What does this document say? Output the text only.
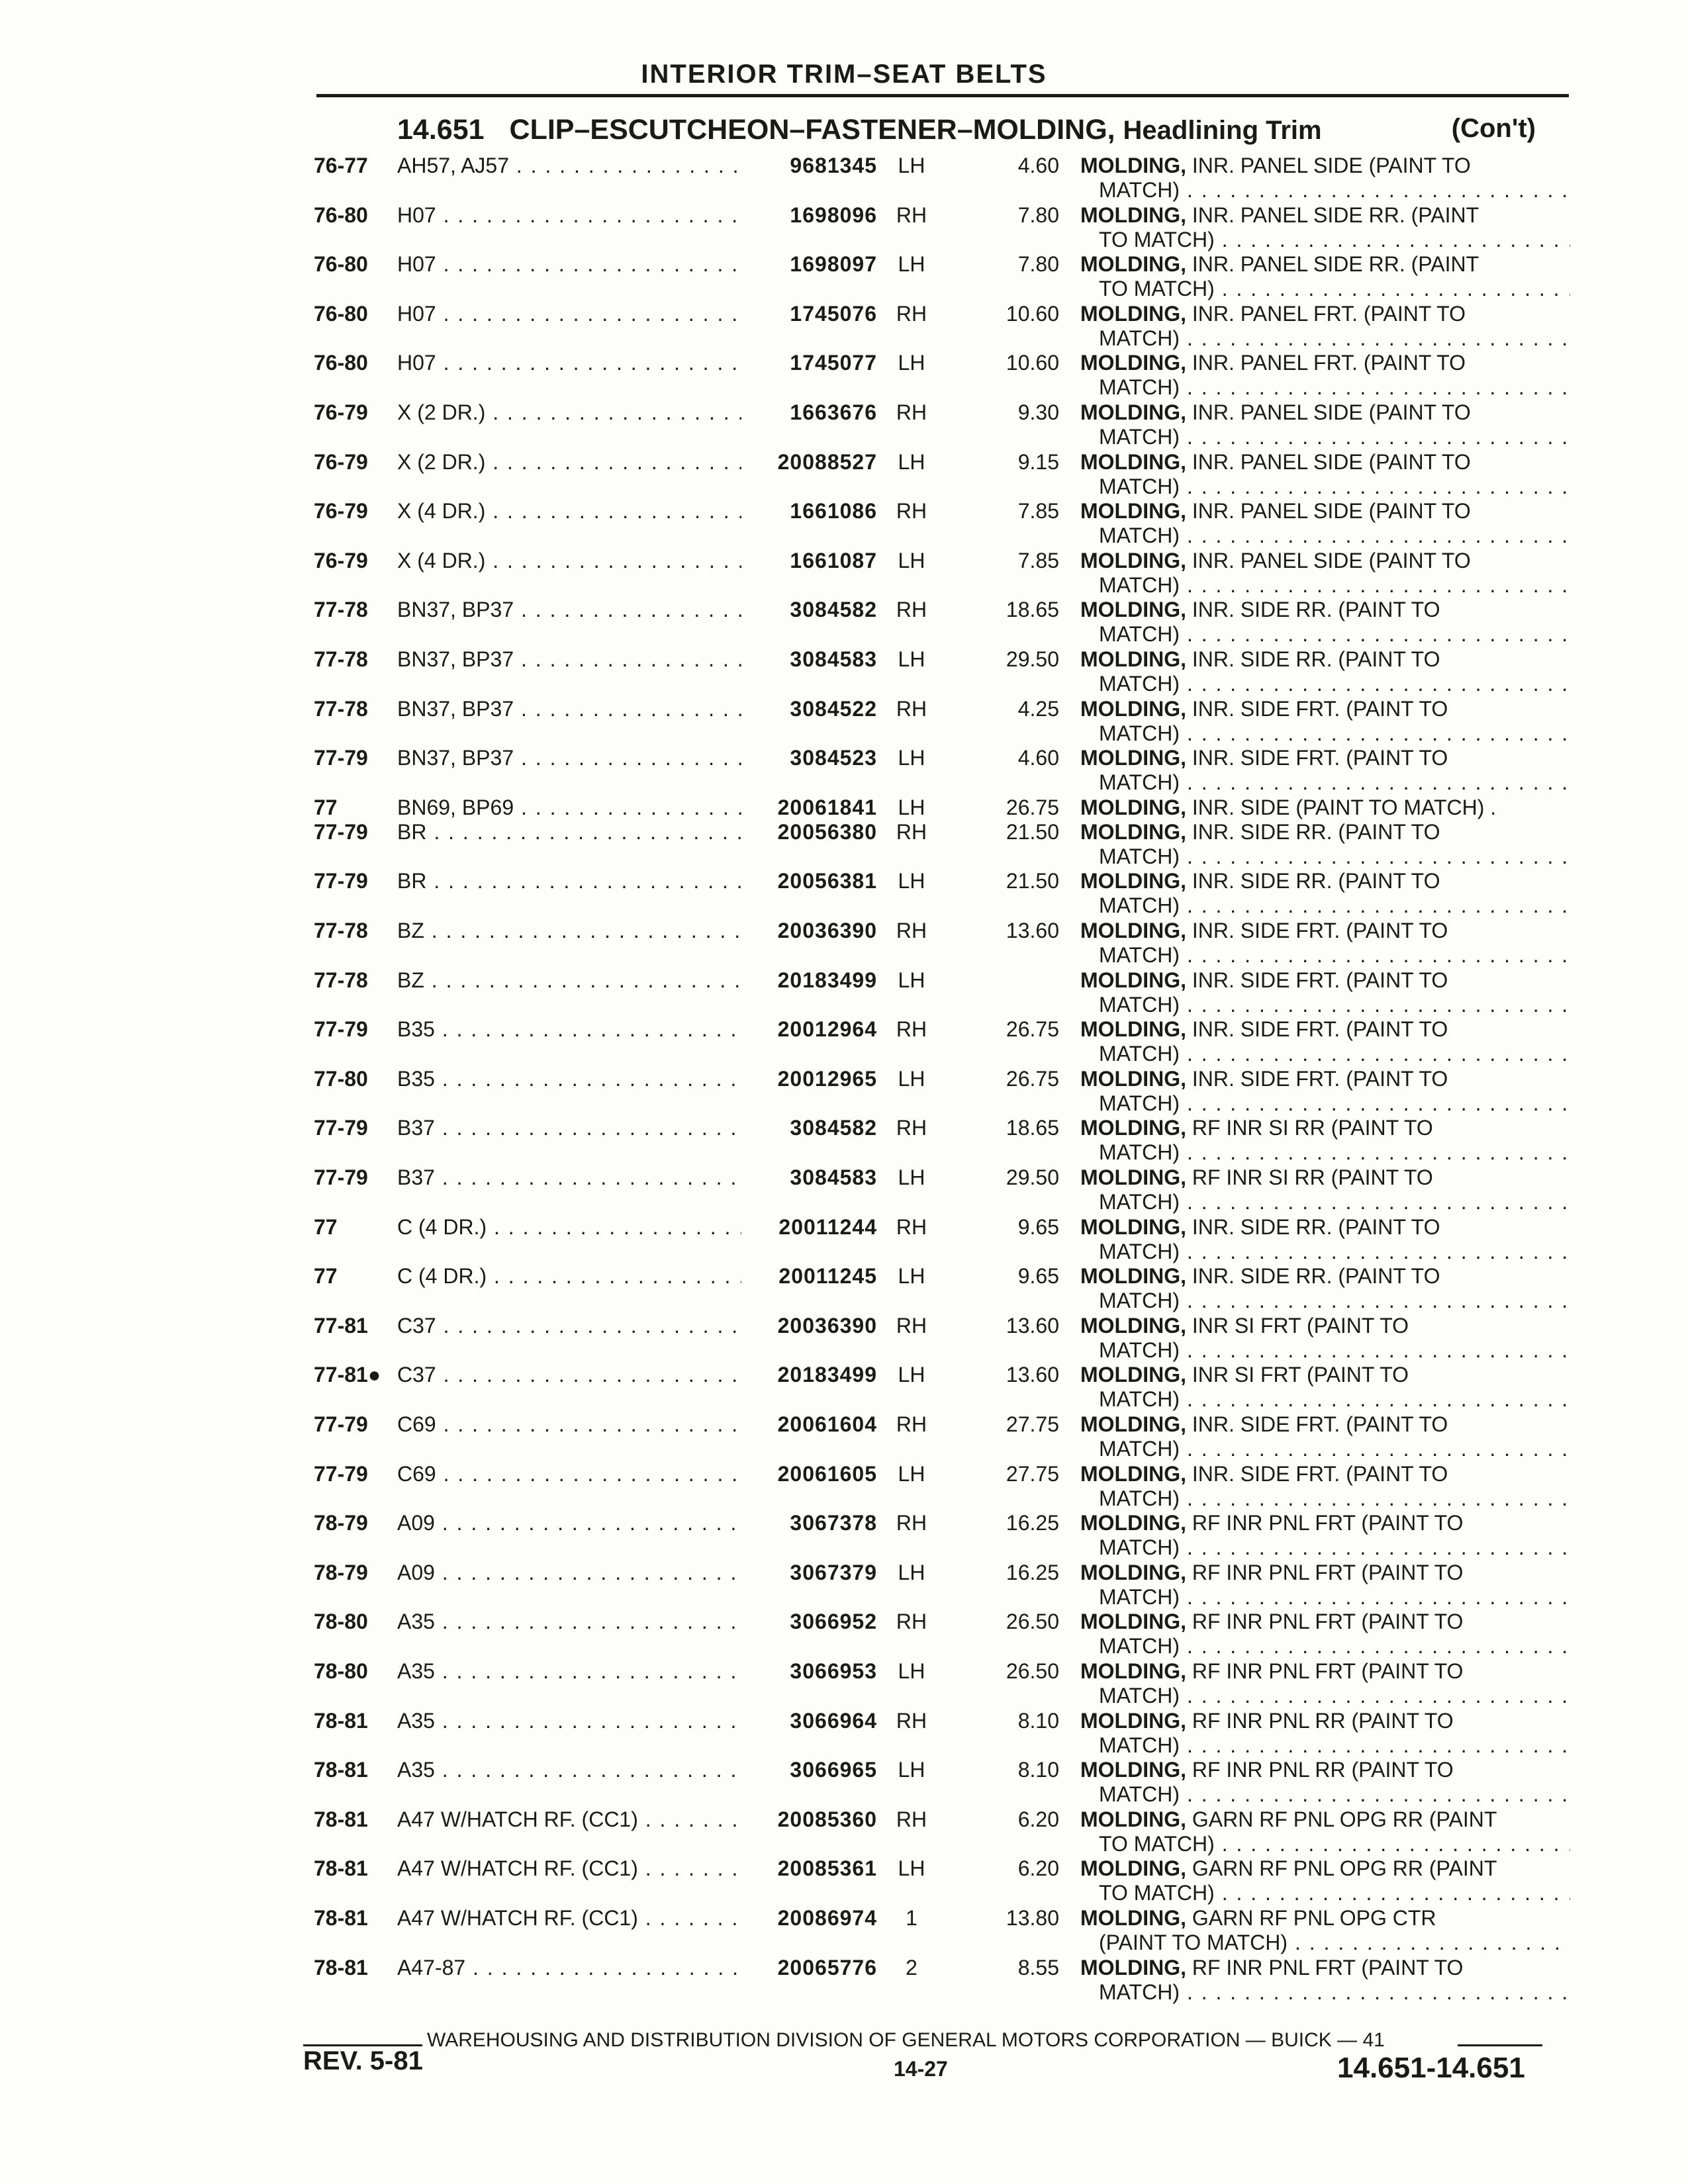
INTERIOR TRIM–SEAT BELTS
14.651 CLIP–ESCUTCHEON–FASTENER–MOLDING, Headlining Trim	(Con't)
76-77	AH57, AJ57 . . .	9681345 LH	4.60 MOLDING, INR. PANEL SIDE (PAINT TO
MATCH) . . .
76-80	H07 . . .	1698096 RH	7.80 MOLDING, INR. PANEL SIDE RR. (PAINT
TO MATCH) . . .
76-80	H07 . . .	1698097 LH	7.80 MOLDING, INR. PANEL SIDE RR. (PAINT
TO MATCH) . . .
76-80	H07 . . .	1745076 RH	10.60 MOLDING, INR. PANEL FRT. (PAINT TO
MATCH) . . .
76-80	H07 . . .	1745077 LH	10.60 MOLDING, INR. PANEL FRT. (PAINT TO
MATCH) . . .
76-79	X (2 DR.) . . .	1663676 RH	9.30 MOLDING, INR. PANEL SIDE (PAINT TO
MATCH) . . .
76-79	X (2 DR.) . . .	20088527 LH	9.15 MOLDING, INR. PANEL SIDE (PAINT TO
MATCH) . . .
76-79	X (4 DR.) . . .	1661086 RH	7.85 MOLDING, INR. PANEL SIDE (PAINT TO
MATCH) . . .
76-79	X (4 DR.) . . .	1661087 LH	7.85 MOLDING, INR. PANEL SIDE (PAINT TO
MATCH) . . .
77-78	BN37, BP37 . . .	3084582 RH	18.65 MOLDING, INR. SIDE RR. (PAINT TO
MATCH) . . .
77-78	BN37, BP37 . . .	3084583 LH	29.50 MOLDING, INR. SIDE RR. (PAINT TO
MATCH) . . .
77-78	BN37, BP37 . . .	3084522 RH	4.25 MOLDING, INR. SIDE FRT. (PAINT TO
MATCH) . . .
77-79	BN37, BP37 . . .	3084523 LH	4.60 MOLDING, INR. SIDE FRT. (PAINT TO
MATCH) . . .
77	BN69, BP69 . . .	20061841 LH	26.75 MOLDING, INR. SIDE (PAINT TO MATCH) .
77-79	BR . . .	20056380 RH	21.50 MOLDING, INR. SIDE RR. (PAINT TO
MATCH) . . .
77-79	BR . . .	20056381 LH	21.50 MOLDING, INR. SIDE RR. (PAINT TO
MATCH) . . .
77-78	BZ . . .	20036390 RH	13.60 MOLDING, INR. SIDE FRT. (PAINT TO
MATCH) . . .
77-78	BZ . . .	20183499 LH	MOLDING, INR. SIDE FRT. (PAINT TO
MATCH) . . .
77-79	B35 . . .	20012964 RH	26.75 MOLDING, INR. SIDE FRT. (PAINT TO
MATCH) . . .
77-80	B35 . . .	20012965 LH	26.75 MOLDING, INR. SIDE FRT. (PAINT TO
MATCH) . . .
77-79	B37 . . .	3084582 RH	18.65 MOLDING, RF INR SI RR (PAINT TO
MATCH) . . .
77-79	B37 . . .	3084583 LH	29.50 MOLDING, RF INR SI RR (PAINT TO
MATCH) . . .
77	C (4 DR.) . . .	20011244 RH	9.65 MOLDING, INR. SIDE RR. (PAINT TO
MATCH) . . .
77	C (4 DR.) . . .	20011245 LH	9.65 MOLDING, INR. SIDE RR. (PAINT TO
MATCH) . . .
77-81	C37 . . .	20036390 RH	13.60 MOLDING, INR SI FRT (PAINT TO
MATCH) . . .
77-81● C37 . . .	20183499 LH	13.60 MOLDING, INR SI FRT (PAINT TO
MATCH) . . .
77-79	C69 . . .	20061604 RH	27.75 MOLDING, INR. SIDE FRT. (PAINT TO
MATCH) . . .
77-79	C69 . . .	20061605 LH	27.75 MOLDING, INR. SIDE FRT. (PAINT TO
MATCH) . . .
78-79	A09 . . .	3067378 RH	16.25 MOLDING, RF INR PNL FRT (PAINT TO
MATCH) . . .
78-79	A09 . . .	3067379 LH	16.25 MOLDING, RF INR PNL FRT (PAINT TO
MATCH) . . .
78-80	A35 . . .	3066952 RH	26.50 MOLDING, RF INR PNL FRT (PAINT TO
MATCH) . . .
78-80	A35 . . .	3066953 LH	26.50 MOLDING, RF INR PNL FRT (PAINT TO
MATCH) . . .
78-81	A35 . . .	3066964 RH	8.10 MOLDING, RF INR PNL RR (PAINT TO
MATCH) . . .
78-81	A35 . . .	3066965 LH	8.10 MOLDING, RF INR PNL RR (PAINT TO
MATCH) . . .
78-81	A47 W/HATCH RF. (CC1) . . .	20085360 RH	6.20 MOLDING, GARN RF PNL OPG RR (PAINT
TO MATCH) . . .
78-81	A47 W/HATCH RF. (CC1) . . .	20085361 LH	6.20 MOLDING, GARN RF PNL OPG RR (PAINT
TO MATCH) . . .
78-81	A47 W/HATCH RF. (CC1) . . .	20086974	1	13.80 MOLDING, GARN RF PNL OPG CTR
(PAINT TO MATCH) . . .
78-81	A47-87 . . .	20065776	2	8.55 MOLDING, RF INR PNL FRT (PAINT TO
MATCH) . . .
WAREHOUSING AND DISTRIBUTION DIVISION OF GENERAL MOTORS CORPORATION — BUICK — 41
REV. 5-81	14-27	14.651-14.651
